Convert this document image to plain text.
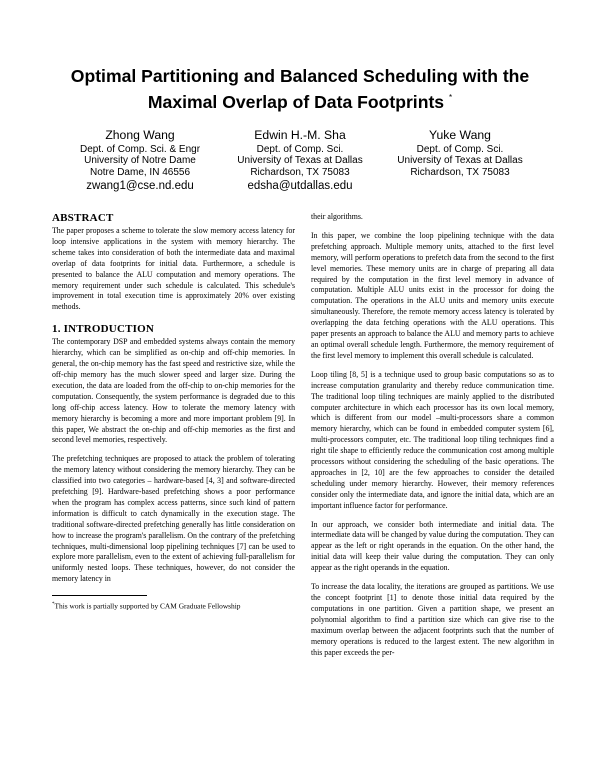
Optimal Partitioning and Balanced Scheduling with the
Maximal Overlap of Data Footprints *
Zhong Wang
Dept. of Comp. Sci. & Engr
University of Notre Dame
Notre Dame, IN 46556
zwang1@cse.nd.edu
Edwin H.-M. Sha
Dept. of Comp. Sci.
University of Texas at Dallas
Richardson, TX 75083
edsha@utdallas.edu
Yuke Wang
Dept. of Comp. Sci.
University of Texas at Dallas
Richardson, TX 75083
ABSTRACT

The paper proposes a scheme to tolerate the slow memory access latency for loop intensive applications in the system with memory hierarchy. The scheme takes into consideration of both the intermediate data and maximal overlap of data footprints for initial data. Furthermore, a schedule is presented to balance the ALU computation and memory operations. The memory requirement under such schedule is calculated. This schedule's improvement in total execution time is approximately 20% over existing methods.

1. INTRODUCTION

The contemporary DSP and embedded systems always contain the memory hierarchy, which can be simplified as on-chip and off-chip memories. In general, the on-chip memory has the fast speed and restrictive size, while the off-chip memory has the much slower speed and larger size. During the execution, the data are loaded from the off-chip to on-chip memories for the computation. Consequently, the system performance is degraded due to this long off-chip access latency. How to tolerate the memory latency with memory hierarchy is becoming a more and more important problem [9]. In this paper, We abstract the on-chip and off-chip memories as the first and second level memories, respectively.

The prefetching techniques are proposed to attack the problem of tolerating the memory latency without considering the memory hierarchy. They can be classified into two categories – hardware-based [4, 3] and software-directed prefetching [9]. Hardware-based prefetching shows a poor performance when the program has complex access patterns, since such kind of pattern information is difficult to catch dynamically in the execution stage. The traditional software-directed prefetching generally has little consideration on how to increase the program's parallelism. On the contrary of the prefetching techniques, multi-dimensional loop pipelining techniques [7] can be used to explore more parallelism, even to the extent of achieving full-parallelism for uniformly nested loops. These techniques, however, do not consider the memory latency in

*This work is partially supported by CAM Graduate Fellowship

their algorithms.

In this paper, we combine the loop pipelining technique with the data prefetching approach. Multiple memory units, attached to the first level memory, will perform operations to prefetch data from the second to the first level memories. These memory units are in charge of preparing all data required by the computation in the first level memory in advance of computation. Multiple ALU units exist in the processor for doing the computation. The operations in the ALU units and memory units execute simultaneously. Therefore, the remote memory access latency is tolerated by overlapping the data fetching operations with the ALU operations. This paper presents an approach to balance the ALU and memory parts to achieve an optimal overall schedule length. Furthermore, the memory requirement of the first level memory to implement this overall schedule is calculated.

Loop tiling [8, 5] is a technique used to group basic computations so as to increase computation granularity and thereby reduce communication time. The traditional loop tiling techniques are mainly applied to the distributed computer architecture in which each processor has its own local memory, which is different from our model –multi-processors share a common memory hierarchy, which can be found in embedded computer system [6], multi-processors computer, etc. The traditional loop tiling techniques find a right tile shape to efficiently reduce the communication cost among multiple processors without considering the scheduling of the basic operations. The approaches in [2, 10] are the few approaches to consider the detailed scheduling under memory hierarchy. However, their memory references consider only the intermediate data, and ignore the initial data, which are an important influence factor for performance.

In our approach, we consider both intermediate and initial data. The intermediate data will be changed by value during the computation. They can appear as the left or right operands in the equation. On the other hand, the initial data will keep their value during the computation. They can only appear as the right operands in the equation.

To increase the data locality, the iterations are grouped as partitions. We use the concept footprint [1] to denote those initial data required by the computations in one partition. Given a partition shape, we present an polynomial algorithm to find a partition size which can give rise to the maximum overlap between the adjacent footprints such that the number of memory operations is reduced to the largest extent. The new algorithm in this paper exceeds the per-
